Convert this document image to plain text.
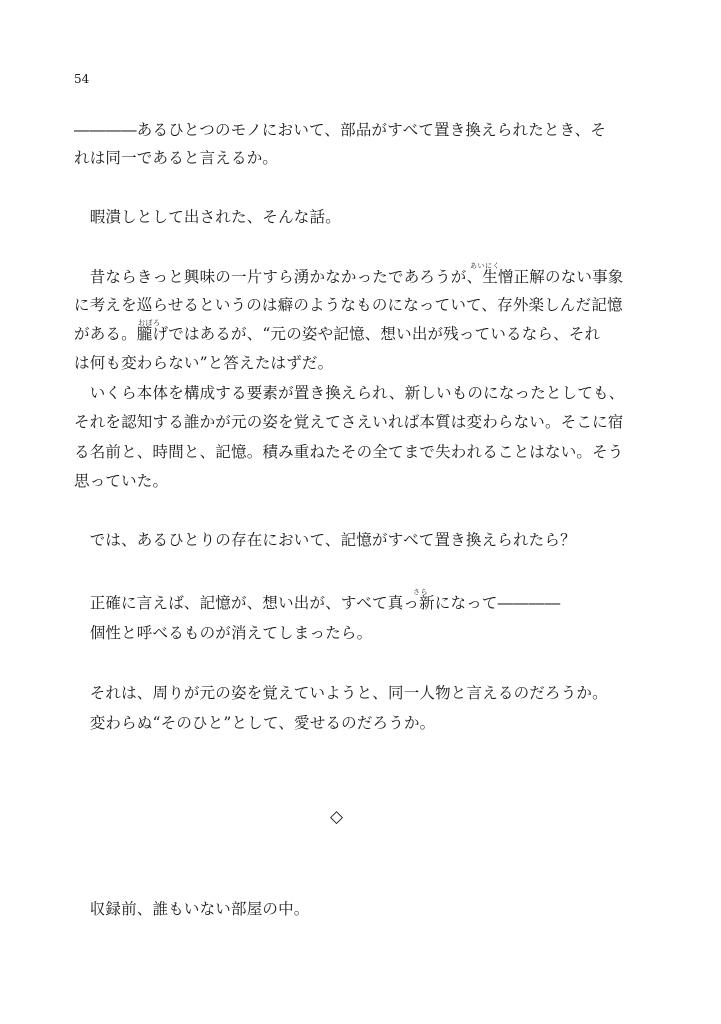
54
――――あるひとつのモノにおいて、部品がすべて置き換えられたとき、そ
れは同一であると言えるか。
　暇潰しとして出された、そんな話。
あいにく
　昔ならきっと興味の一片すら湧かなかったであろうが、生憎正解のない事象
に考えを巡らせるというのは癖のようなものになっていて、存外楽しんだ記憶
おぼろ
がある。朧げではあるが、“元の姿や記憶、想い出が残っているなら、それ
は何も変わらない”と答えたはずだ。
　いくら本体を構成する要素が置き換えられ、新しいものになったとしても、
それを認知する誰かが元の姿を覚えてさえいれば本質は変わらない。そこに宿
る名前と、時間と、記憶。積み重ねたその全てまで失われることはない。そう
思っていた。
　では、あるひとりの存在において、記憶がすべて置き換えられたら？
さら
　正確に言えば、記憶が、想い出が、すべて真っ新になって――――
　個性と呼べるものが消えてしまったら。
　それは、周りが元の姿を覚えていようと、同一人物と言えるのだろうか。
　変わらぬ“そのひと”として、愛せるのだろうか。
◇
　収録前、誰もいない部屋の中。
